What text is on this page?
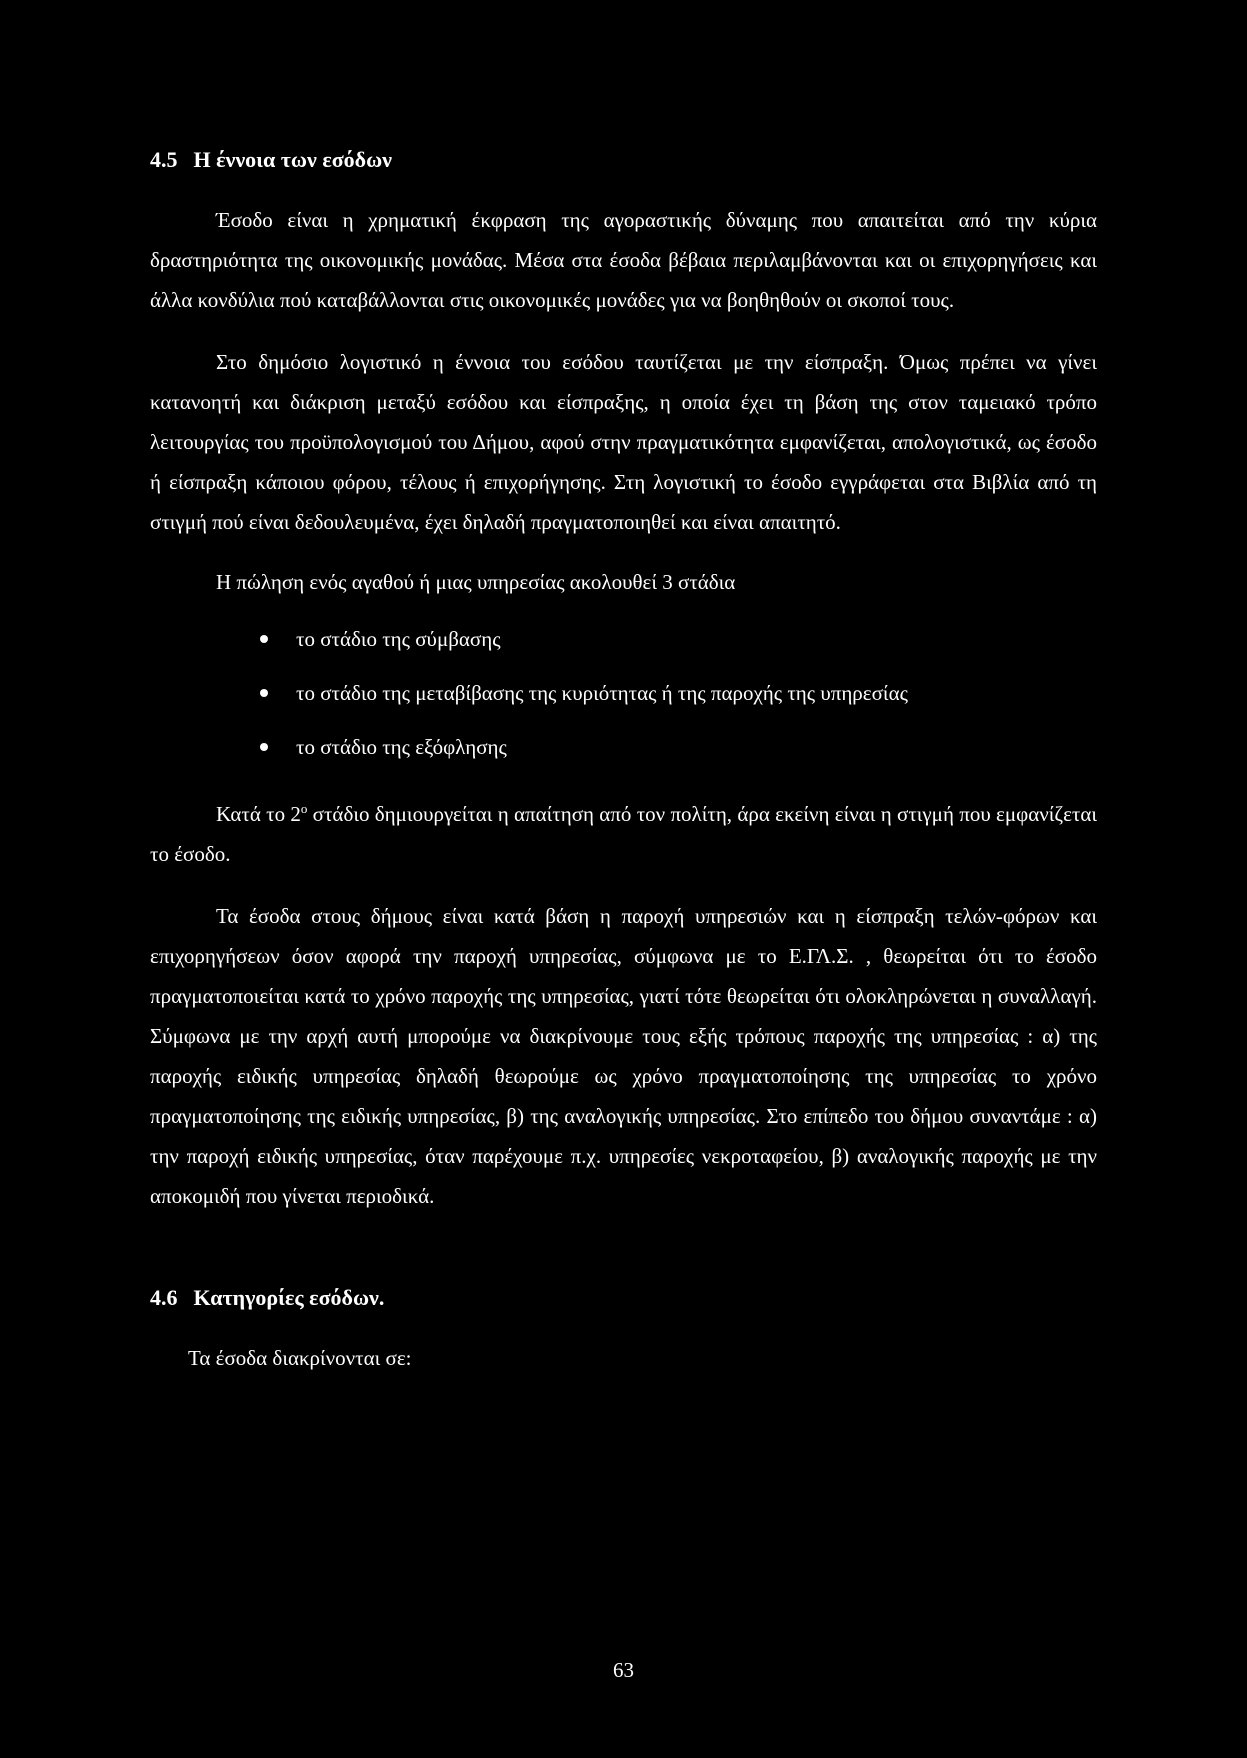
4.5 Η έννοια των εσόδων

Έσοδο είναι η χρηματική έκφραση της αγοραστικής δύναμης που απαιτείται από την κύρια δραστηριότητα της οικονομικής μονάδας. Μέσα στα έσοδα βέβαια περιλαμβάνονται και οι επιχορηγήσεις και άλλα κονδύλια πού καταβάλλονται στις οικονομικές μονάδες για να βοηθηθούν οι σκοποί τους.

Στο δημόσιο λογιστικό η έννοια του εσόδου ταυτίζεται με την είσπραξη. Όμως πρέπει να γίνει κατανοητή και διάκριση μεταξύ εσόδου και είσπραξης, η οποία έχει τη βάση της στον ταμειακό τρόπο λειτουργίας του προϋπολογισμού του Δήμου, αφού στην πραγματικότητα εμφανίζεται, απολογιστικά, ως έσοδο ή είσπραξη κάποιου φόρου, τέλους ή επιχορήγησης. Στη λογιστική το έσοδο εγγράφεται στα Βιβλία από τη στιγμή πού είναι δεδουλευμένα, έχει δηλαδή πραγματοποιηθεί και είναι απαιτητό.

Η πώληση ενός αγαθού ή μιας υπηρεσίας ακολουθεί 3 στάδια

το στάδιο της σύμβασης
το στάδιο της μεταβίβασης της κυριότητας ή της παροχής της υπηρεσίας
το στάδιο της εξόφλησης

Κατά το $2^o$ στάδιο δημιουργείται η απαίτηση από τον πολίτη, άρα εκείνη είναι η στιγμή που εμφανίζεται το έσοδο.

Τα έσοδα στους δήμους είναι κατά βάση η παροχή υπηρεσιών και η είσπραξη τελών-φόρων και επιχορηγήσεων όσον αφορά την παροχή υπηρεσίας, σύμφωνα με το Ε.ΓΛ.Σ. , θεωρείται ότι το έσοδο πραγματοποιείται κατά το χρόνο παροχής της υπηρεσίας, γιατί τότε θεωρείται ότι ολοκληρώνεται η συναλλαγή. Σύμφωνα με την αρχή αυτή μπορούμε να διακρίνουμε τους εξής τρόπους παροχής της υπηρεσίας : α) της παροχής ειδικής υπηρεσίας δηλαδή θεωρούμε ως χρόνο πραγματοποίησης της υπηρεσίας το χρόνο πραγματοποίησης της ειδικής υπηρεσίας, β) της αναλογικής υπηρεσίας. Στο επίπεδο του δήμου συναντάμε : α) την παροχή ειδικής υπηρεσίας, όταν παρέχουμε π.χ. υπηρεσίες νεκροταφείου, β) αναλογικής παροχής με την αποκομιδή που γίνεται περιοδικά.

4.6 Κατηγορίες εσόδων.

Τα έσοδα διακρίνονται σε:

63
